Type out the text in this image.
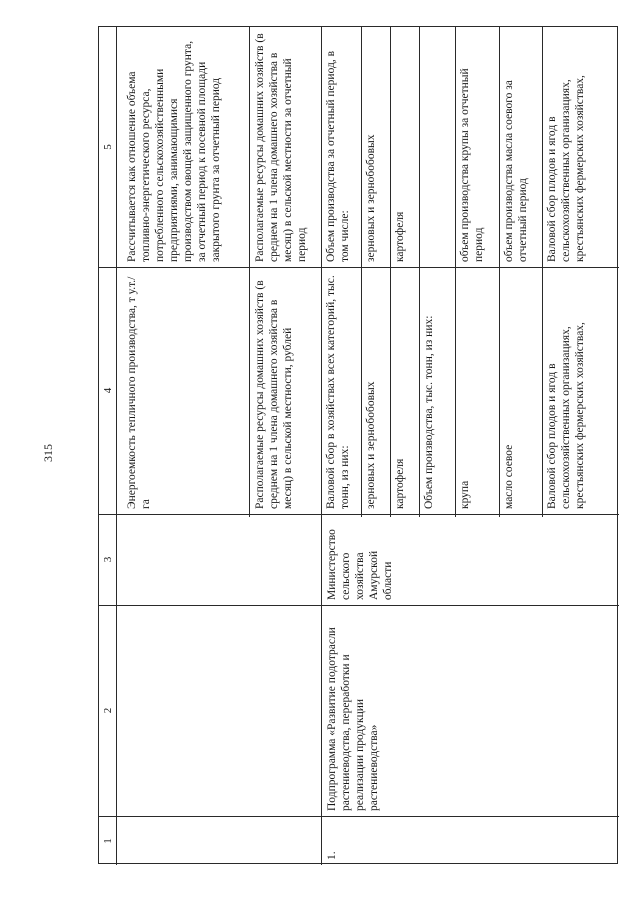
315
1
2
3
4
5
Энергоемкость тепличного производства, т у.т./га
Рассчитывается как отношение объема топливно-энергетического ресурса, потребленного сельскохозяйственными предприятиями, занимающимися производством овощей защищенного грунта, за отчетный период к посевной площади закрытого грунта за отчетный период
Располагаемые ресурсы домашних хозяйств (в среднем на 1 члена домашнего хозяйства в месяц) в сельской местности, рублей
Располагаемые ресурсы домашних хозяйств (в среднем на 1 члена домашнего хозяйства в месяц) в сельской местности за отчетный период
1.
Подпрограмма «Развитие подотрасли растениеводства, переработки и реализации продукции растениеводства»
Министерство сельского хозяйства Амурской области
Валовой сбор в хозяйствах всех категорий, тыс. тонн, из них:
Объем производства за отчетный период, в том числе:
зерновых и зернобобовых
зерновых и зернобобовых
картофеля
картофеля
Объем производства, тыс. тонн, из них:	крупа
объем производства крупы за отчетный период
масло соевое
объем производства масла соевого за отчетный период
Валовой сбор плодов и ягод в сельскохозяйственных организациях, крестьянских фермерских хозяйствах,
Валовой сбор плодов и ягод в сельскохозяйственных организациях, крестьянских фермерских хозяйствах,
